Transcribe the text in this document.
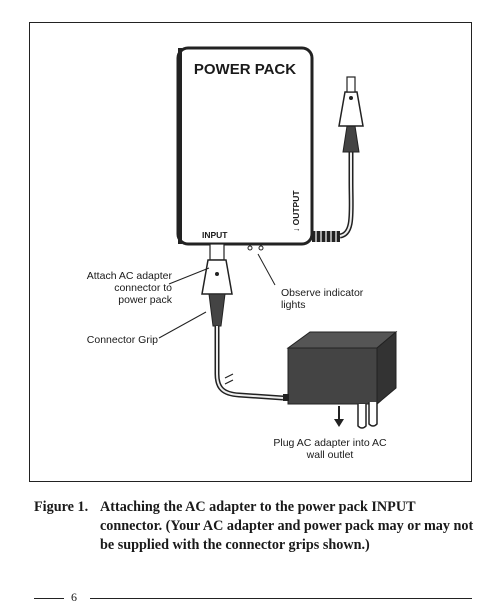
POWER PACK
INPUT
↓ OUTPUT
Attach AC adapter
connector to
power pack
Observe indicator
lights
Connector Grip
Plug AC adapter into AC
wall outlet
Figure 1. Attaching the AC adapter to the power pack INPUT connector. (Your AC adapter and power pack may or may not be supplied with the connector grips shown.)
6
